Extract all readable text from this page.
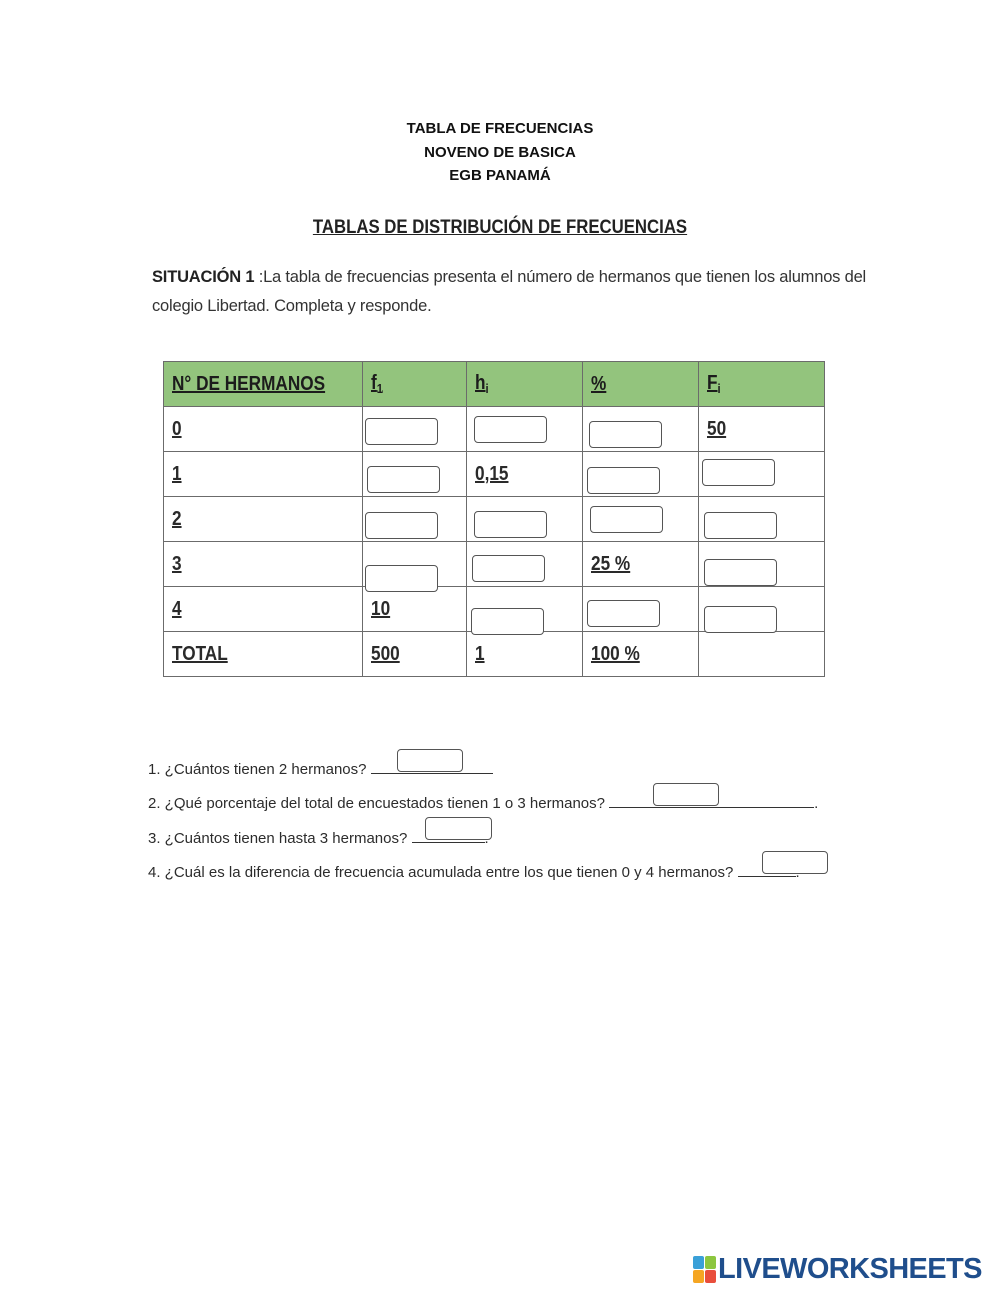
TABLA DE FRECUENCIAS
NOVENO DE BASICA
EGB PANAMÁ
TABLAS DE DISTRIBUCIÓN DE FRECUENCIAS
SITUACIÓN 1 :La tabla de frecuencias presenta el número de hermanos que tienen los alumnos del colegio Libertad. Completa y responde.
N° DE HERMANOS	$f_1$	$h_i$	%	$F_i$
0				50
1		0,15		
2				
3			25 %	
4	10			
TOTAL	500	1	100 %	
1. ¿Cuántos tienen 2 hermanos?
2. ¿Qué porcentaje del total de encuestados tienen 1 o 3 hermanos?	.
3. ¿Cuántos tienen hasta 3 hermanos?
4. ¿Cuál es la diferencia de frecuencia acumulada entre los que tienen 0 y 4 hermanos?
LIVEWORKSHEETS
